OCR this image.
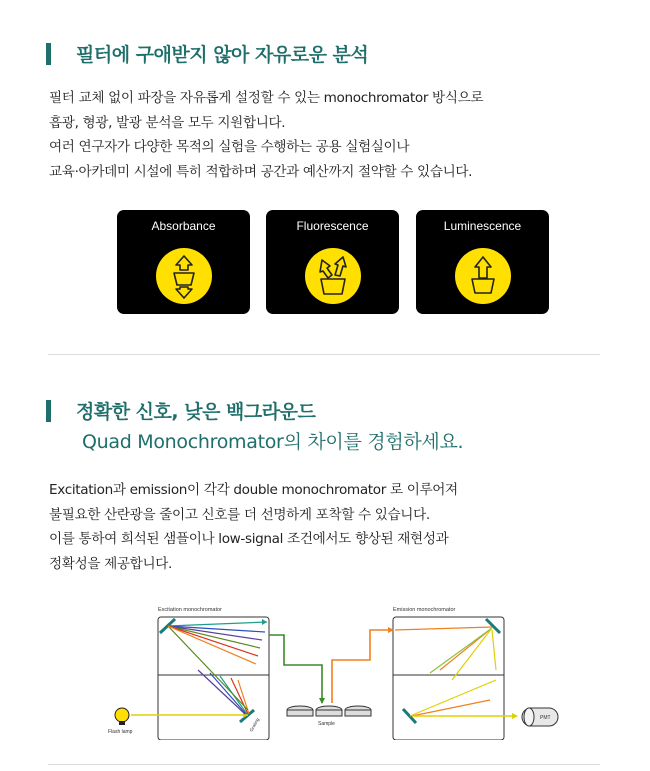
필터에 구애받지 않아 자유로운 분석
필터 교체 없이 파장을 자유롭게 설정할 수 있는 monochromator 방식으로
흡광, 형광, 발광 분석을 모두 지원합니다.
여러 연구자가 다양한 목적의 실험을 수행하는 공용 실험실이나
교육·아카데미 시설에 특히 적합하며 공간과 예산까지 절약할 수 있습니다.
Absorbance	Fluorescence	Luminescence
정확한 신호, 낮은 백그라운드
Quad Monochromator의 차이를 경험하세요.
Excitation과 emission이 각각 double monochromator 로 이루어져
불필요한 산란광을 줄이고 신호를 더 선명하게 포착할 수 있습니다.
이를 통하여 희석된 샘플이나 low-signal 조건에서도 향상된 재현성과
정확성을 제공합니다.
Excitation monochromator	Emission monochromator
Grating
Flash lamp
Sample
PMT
